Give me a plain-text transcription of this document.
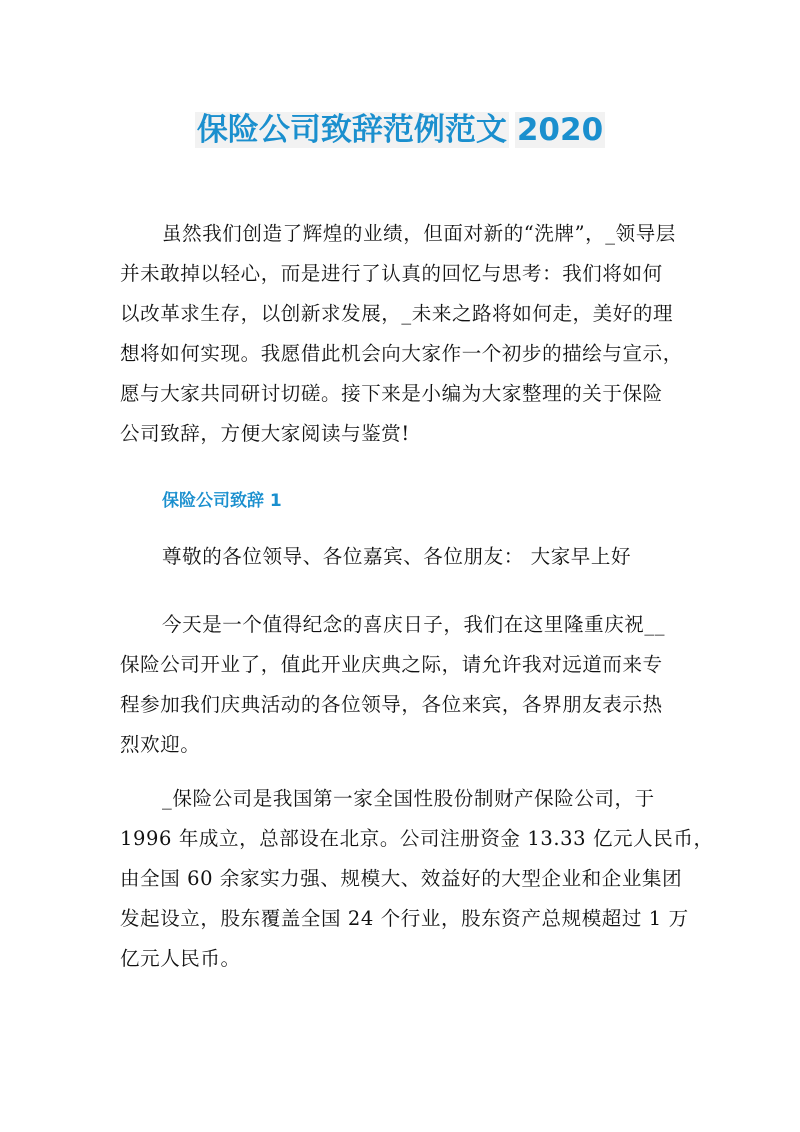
保险公司致辞范例范文 2020
虽然我们创造了辉煌的业绩，但面对新的“洗牌”，_领导层
并未敢掉以轻心，而是进行了认真的回忆与思考：我们将如何
以改革求生存，以创新求发展，_未来之路将如何走，美好的理
想将如何实现。我愿借此机会向大家作一个初步的描绘与宣示，
愿与大家共同研讨切磋。接下来是小编为大家整理的关于保险
公司致辞，方便大家阅读与鉴赏!
保险公司致辞 1
尊敬的各位领导、各位嘉宾、各位朋友： 大家早上好
今天是一个值得纪念的喜庆日子，我们在这里隆重庆祝__
保险公司开业了，值此开业庆典之际，请允许我对远道而来专
程参加我们庆典活动的各位领导，各位来宾，各界朋友表示热
烈欢迎。
_保险公司是我国第一家全国性股份制财产保险公司，于
1996 年成立，总部设在北京。公司注册资金 13.33 亿元人民币，
由全国 60 余家实力强、规模大、效益好的大型企业和企业集团
发起设立，股东覆盖全国 24 个行业，股东资产总规模超过 1 万
亿元人民币。
